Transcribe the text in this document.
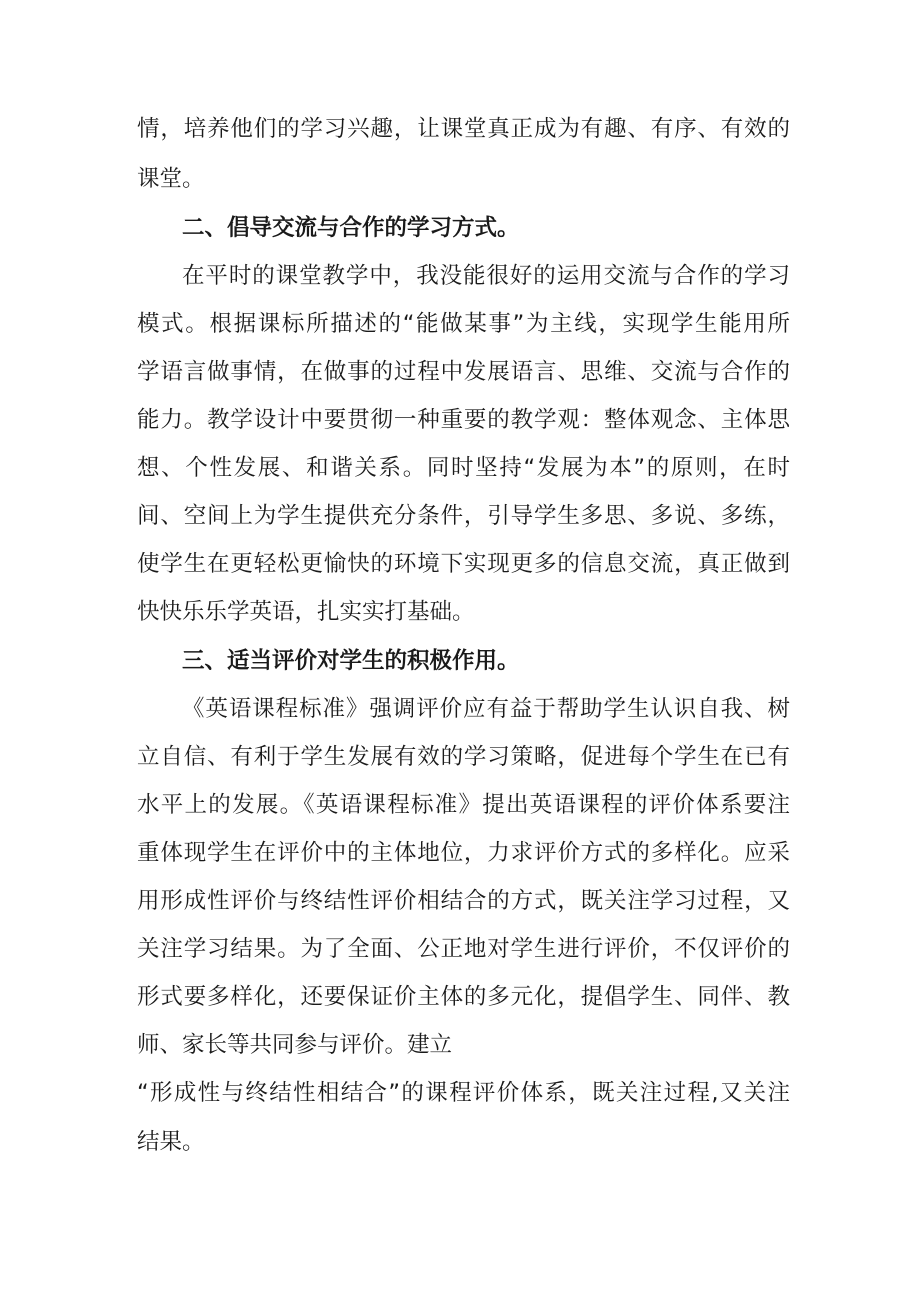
情，培养他们的学习兴趣，让课堂真正成为有趣、有序、有效的
课堂。
二、倡导交流与合作的学习方式。
在平时的课堂教学中，我没能很好的运用交流与合作的学习
模式。根据课标所描述的“能做某事”为主线，实现学生能用所
学语言做事情，在做事的过程中发展语言、思维、交流与合作的
能力。教学设计中要贯彻一种重要的教学观：整体观念、主体思
想、个性发展、和谐关系。同时坚持“发展为本”的原则，在时
间、空间上为学生提供充分条件，引导学生多思、多说、多练，
使学生在更轻松更愉快的环境下实现更多的信息交流，真正做到
快快乐乐学英语，扎实实打基础。
三、适当评价对学生的积极作用。
《英语课程标准》强调评价应有益于帮助学生认识自我、树
立自信、有利于学生发展有效的学习策略，促进每个学生在已有
水平上的发展。《英语课程标准》提出英语课程的评价体系要注
重体现学生在评价中的主体地位，力求评价方式的多样化。应采
用形成性评价与终结性评价相结合的方式，既关注学习过程，又
关注学习结果。为了全面、公正地对学生进行评价，不仅评价的
形式要多样化，还要保证价主体的多元化，提倡学生、同伴、教
师、家长等共同参与评价。建立
“形成性与终结性相结合”的课程评价体系，既关注过程,又关注
结果。
